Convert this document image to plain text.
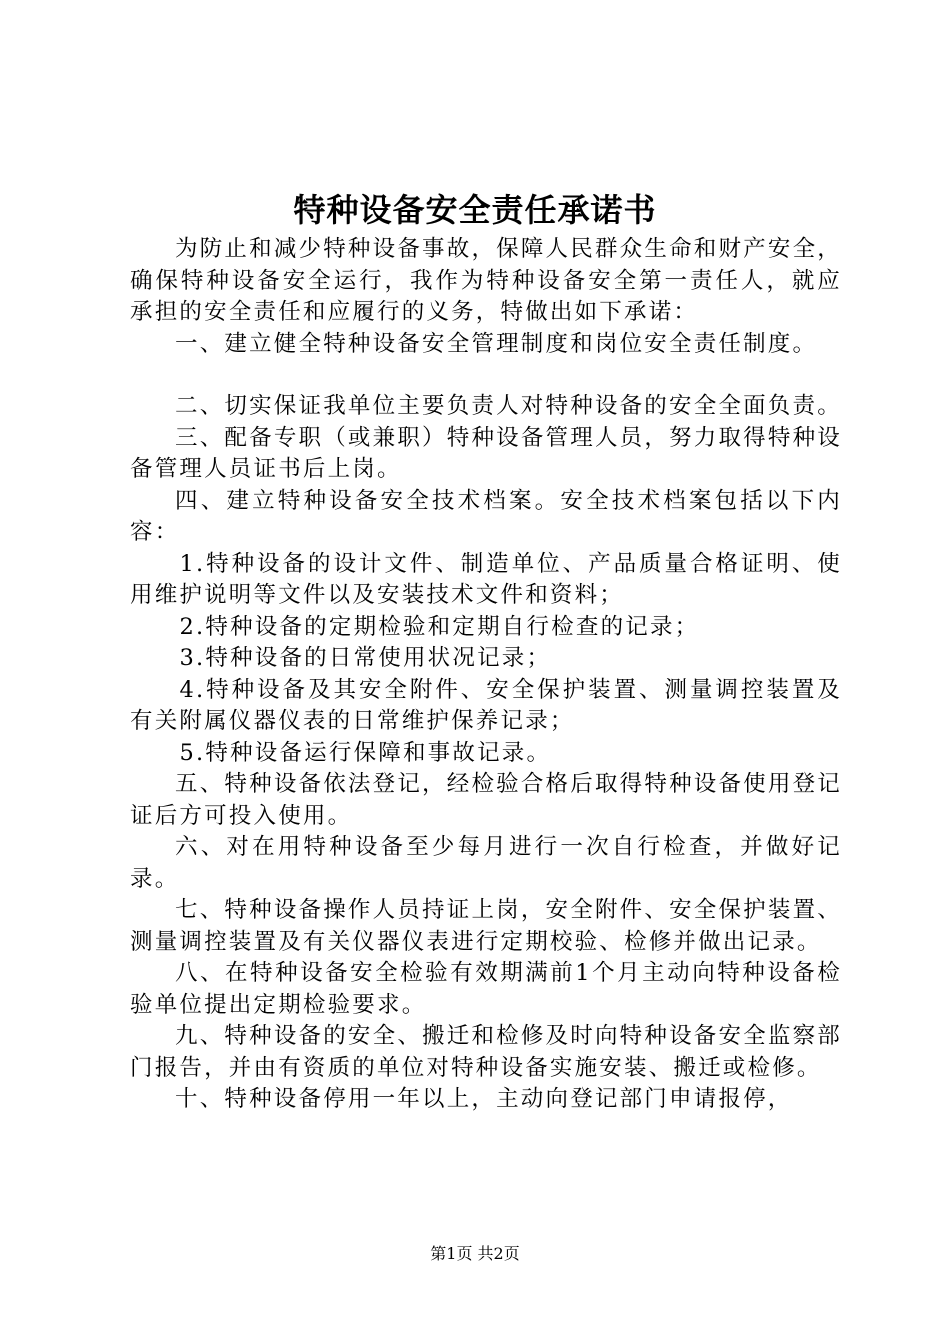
特种设备安全责任承诺书

为防止和减少特种设备事故，保障人民群众生命和财产安全，确保特种设备安全运行，我作为特种设备安全第一责任人，就应承担的安全责任和应履行的义务，特做出如下承诺：

一、建立健全特种设备安全管理制度和岗位安全责任制度。

二、切实保证我单位主要负责人对特种设备的安全全面负责。

三、配备专职（或兼职）特种设备管理人员，努力取得特种设备管理人员证书后上岗。

四、建立特种设备安全技术档案。安全技术档案包括以下内容：

1.特种设备的设计文件、制造单位、产品质量合格证明、使用维护说明等文件以及安装技术文件和资料；

2.特种设备的定期检验和定期自行检查的记录；

3.特种设备的日常使用状况记录；

4.特种设备及其安全附件、安全保护装置、测量调控装置及有关附属仪器仪表的日常维护保养记录；

5.特种设备运行保障和事故记录。

五、特种设备依法登记，经检验合格后取得特种设备使用登记证后方可投入使用。

六、对在用特种设备至少每月进行一次自行检查，并做好记录。

七、特种设备操作人员持证上岗，安全附件、安全保护装置、测量调控装置及有关仪器仪表进行定期校验、检修并做出记录。

八、在特种设备安全检验有效期满前1个月主动向特种设备检验单位提出定期检验要求。

九、特种设备的安全、搬迁和检修及时向特种设备安全监察部门报告，并由有资质的单位对特种设备实施安装、搬迁或检修。

十、特种设备停用一年以上，主动向登记部门申请报停，

第1页 共2页
